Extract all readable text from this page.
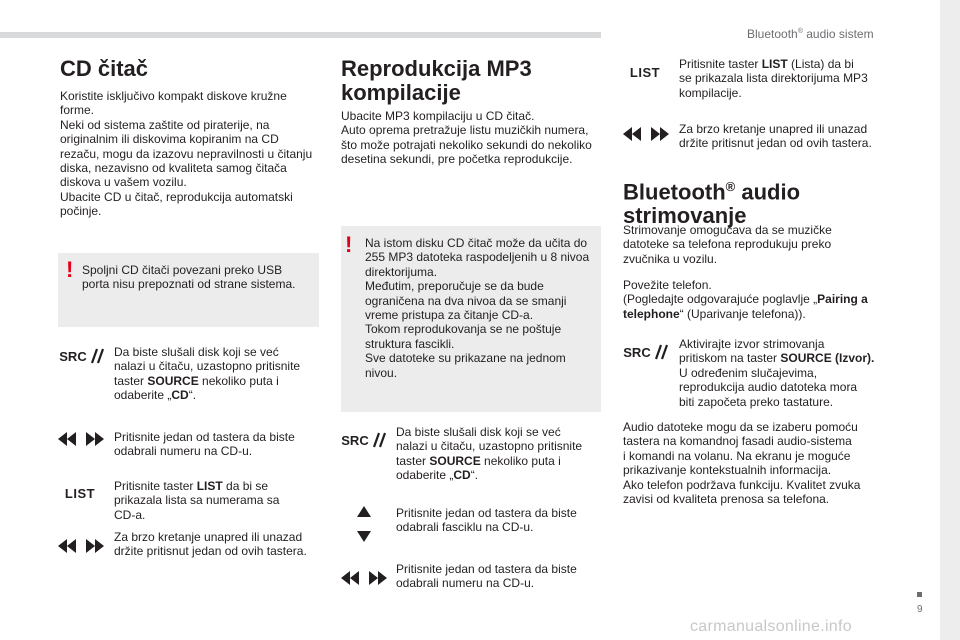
Bluetooth® audio sistem
CD čitač
Koristite isključivo kompakt diskove kružne
forme.
Neki od sistema zaštite od piraterije, na
originalnim ili diskovima kopiranim na CD
rezaču, mogu da izazovu nepravilnosti u čitanju
diska, nezavisno od kvaliteta samog čitača
diskova u vašem vozilu.
Ubacite CD u čitač, reprodukcija automatski
počinje.
! Spoljni CD čitači povezani preko USB
porta nisu prepoznati od strane sistema.
SRC Da biste slušali disk koji se već
nalazi u čitaču, uzastopno pritisnite
taster SOURCE nekoliko puta i
odaberite „CD“.
Pritisnite jedan od tastera da biste
odabrali numeru na CD-u.
LIST	Pritisnite taster LIST da bi se
prikazala lista sa numerama sa
CD-a.
Za brzo kretanje unapred ili unazad
držite pritisnut jedan od ovih tastera.
Reprodukcija MP3
kompilacije
Ubacite MP3 kompilaciju u CD čitač.
Auto oprema pretražuje listu muzičkih numera,
što može potrajati nekoliko sekundi do nekoliko
desetina sekundi, pre početka reprodukcije.
! Na istom disku CD čitač može da učita do
255 MP3 datoteka raspodeljenih u 8 nivoa
direktorijuma.
Međutim, preporučuje se da bude
ograničena na dva nivoa da se smanji
vreme pristupa za čitanje CD-a.
Tokom reprodukovanja se ne poštuje
struktura fascikli.
Sve datoteke su prikazane na jednom
nivou.
SRC
Da biste slušali disk koji se već
nalazi u čitaču, uzastopno pritisnite
taster SOURCE nekoliko puta i
odaberite „CD“.
Pritisnite jedan od tastera da biste
odabrali fasciklu na CD-u.
Pritisnite jedan od tastera da biste
odabrali numeru na CD-u.
LIST
Pritisnite taster LIST (Lista) da bi
se prikazala lista direktorijuma MP3
kompilacije.
Za brzo kretanje unapred ili unazad
držite pritisnut jedan od ovih tastera.
Bluetooth® audio
strimovanje
Strimovanje omogućava da se muzičke
datoteke sa telefona reprodukuju preko
zvučnika u vozilu.
Povežite telefon.
(Pogledajte odgovarajuće poglavlje „Pairing a
telephone“ (Uparivanje telefona)).
SRC
Aktivirajte izvor strimovanja
pritiskom na taster SOURCE (Izvor).
U određenim slučajevima,
reprodukcija audio datoteka mora
biti započeta preko tastature.
Audio datoteke mogu da se izaberu pomoću
tastera na komandnoj fasadi audio-sistema
i komandi na volanu. Na ekranu je moguće
prikazivanje kontekstualnih informacija.
Ako telefon podržava funkciju. Kvalitet zvuka
zavisi od kvaliteta prenosa sa telefona.
9
carmanualsonline.info
